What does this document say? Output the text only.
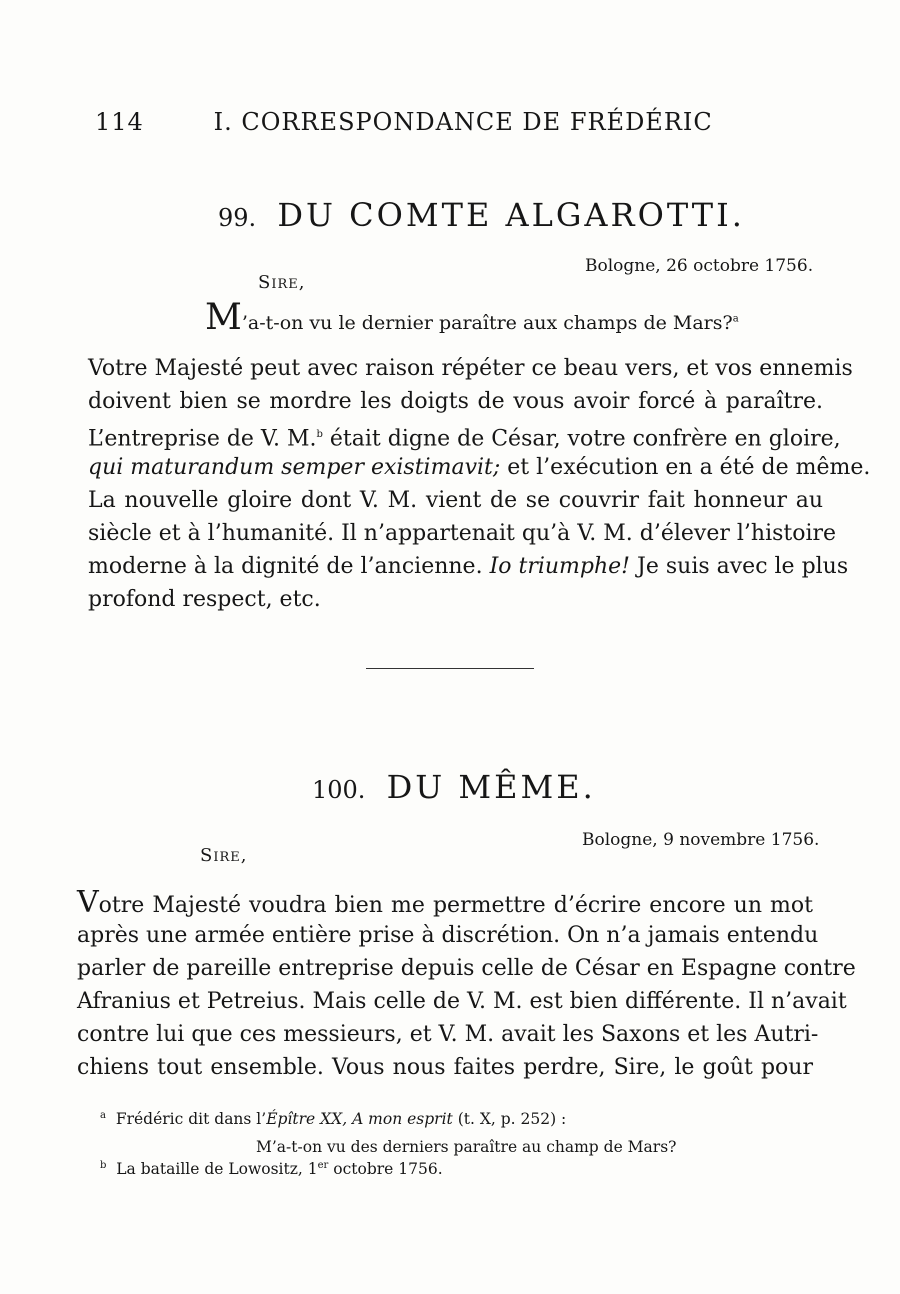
114	I. CORRESPONDANCE DE FRÉDÉRIC
99. DU COMTE ALGAROTTI.
Bologne, 26 octobre 1756.
Sire,
M’a-t-on vu le dernier paraître aux champs de Mars?$^a$
Votre Majesté peut avec raison répéter ce beau vers, et vos ennemis
doivent bien se mordre les doigts de vous avoir forcé à paraître.
L’entreprise de V. M.$^b$ était digne de César, votre confrère en gloire,
qui maturandum semper existimavit; et l’exécution en a été de même.
La nouvelle gloire dont V. M. vient de se couvrir fait honneur au
siècle et à l’humanité. Il n’appartenait qu’à V. M. d’élever l’histoire
moderne à la dignité de l’ancienne. Io triumphe! Je suis avec le plus
profond respect, etc.
100. DU MÊME.
Bologne, 9 novembre 1756.
Sire,
Votre Majesté voudra bien me permettre d’écrire encore un mot
après une armée entière prise à discrétion. On n’a jamais entendu
parler de pareille entreprise depuis celle de César en Espagne contre
Afranius et Petreius. Mais celle de V. M. est bien différente. Il n’avait
contre lui que ces messieurs, et V. M. avait les Saxons et les Autri-
chiens tout ensemble. Vous nous faites perdre, Sire, le goût pour
$^a$ Frédéric dit dans l’Épître XX, A mon esprit (t. X, p. 252) :
M’a-t-on vu des derniers paraître au champ de Mars?
$^b$ La bataille de Lowositz, 1er octobre 1756.
